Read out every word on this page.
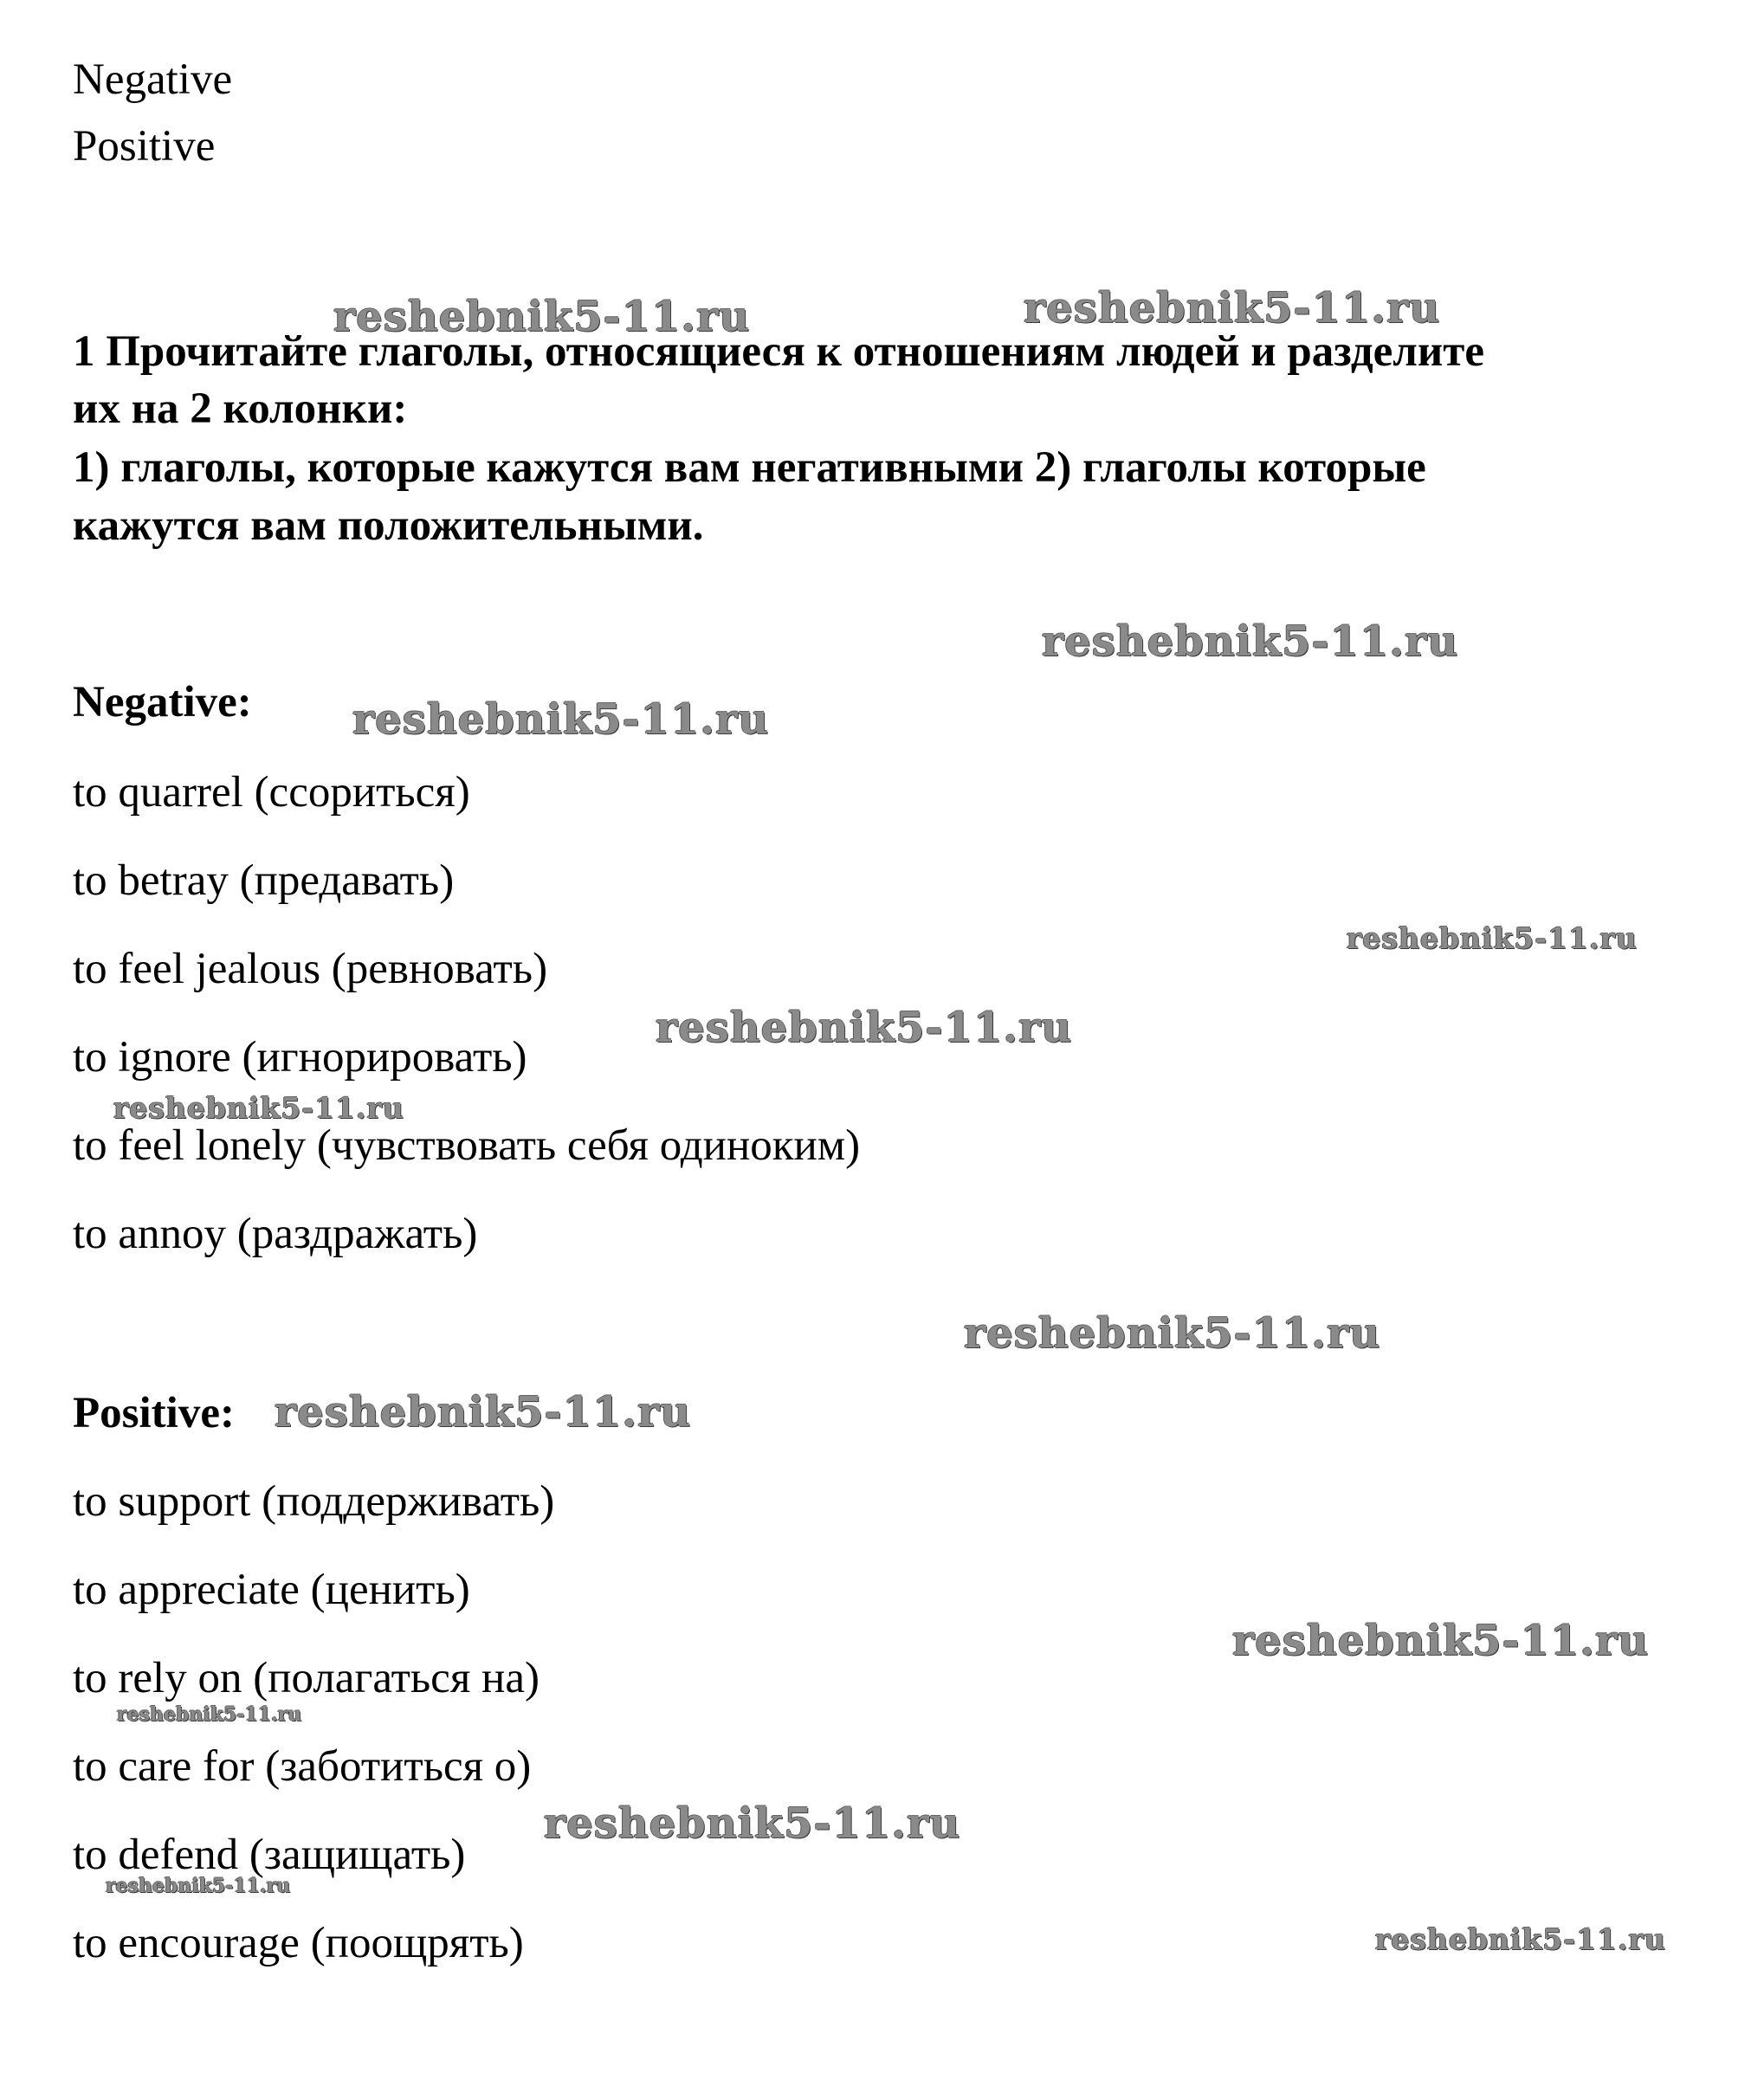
Negative
Positive
1 Прочитайте глаголы, относящиеся к отношениям людей и разделите
их на 2 колонки:
1) глаголы, которые кажутся вам негативными 2) глаголы которые
кажутся вам положительными.
Negative:
to quarrel (ссориться)
to betray (предавать)
to feel jealous (ревновать)
to ignore (игнорировать)
to feel lonely (чувствовать себя одиноким)
to annoy (раздражать)
Positive:
to support (поддерживать)
to appreciate (ценить)
to rely on (полагаться на)
to care for (заботиться о)
to defend (защищать)
to encourage (поощрять)
reshebnik5-11.ru	reshebnik5-11.ru
reshebnik5-11.ru
reshebnik5-11.ru
reshebnik5-11.ru
reshebnik5-11.ru
reshebnik5-11.ru
reshebnik5-11.ru
reshebnik5-11.ru
reshebnik5-11.ru
reshebnik5-11.ru
reshebnik5-11.ru
reshebnik5-11.ru
reshebnik5-11.ru
